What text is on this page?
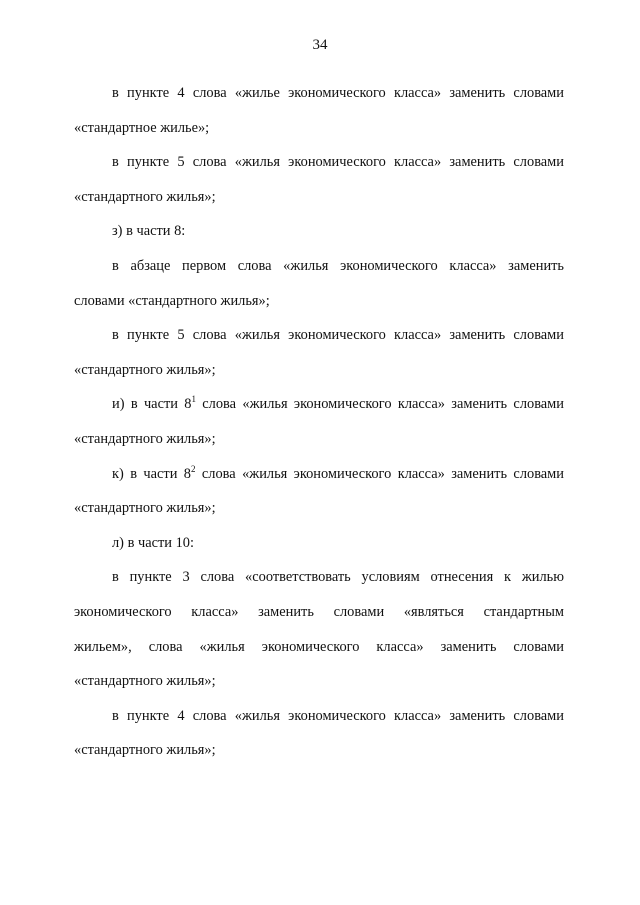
34

в пункте 4 слова «жилье экономического класса» заменить словами

«стандартное жилье»;

в пункте 5 слова «жилья экономического класса» заменить словами

«стандартного жилья»;

з) в части 8:

в абзаце первом слова «жилья экономического класса» заменить

словами «стандартного жилья»;

в пункте 5 слова «жилья экономического класса» заменить словами

«стандартного жилья»;

и) в части $8^1$ слова «жилья экономического класса» заменить словами

«стандартного жилья»;

к) в части $8^2$ слова «жилья экономического класса» заменить словами

«стандартного жилья»;

л) в части 10:

в пункте 3 слова «соответствовать условиям отнесения к жилью

экономического класса» заменить словами «являться стандартным

жильем», слова «жилья экономического класса» заменить словами

«стандартного жилья»;

в пункте 4 слова «жилья экономического класса» заменить словами

«стандартного жилья»;
